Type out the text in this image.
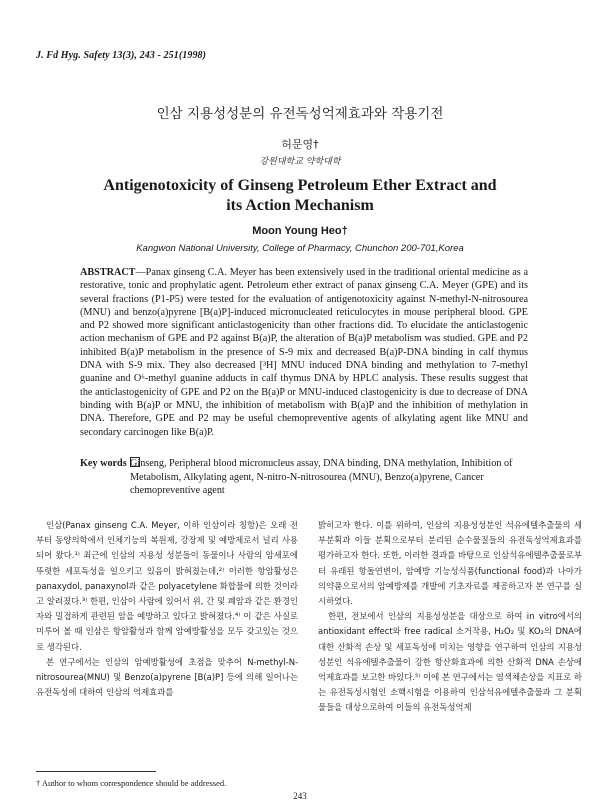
J. Fd Hyg. Safety 13(3), 243 - 251(1998)
인삼 지용성성분의 유전독성억제효과와 작용기전
허문영†
강원대학교 약학대학
Antigenotoxicity of Ginseng Petroleum Ether Extract and
its Action Mechanism
Moon Young Heo†
Kangwon National University, College of Pharmacy, Chunchon 200-701,Korea
ABSTRACT—Panax ginseng C.A. Meyer has been extensively used in the traditional oriental medicine as a restorative, tonic and prophylatic agent. Petroleum ether extract of panax ginseng C.A. Meyer (GPE) and its several fractions (P1-P5) were tested for the evaluation of antigenotoxicity against N-methyl-N-nitrosourea (MNU) and benzo(a)pyrene [B(a)P]-induced micronucleated reticulocytes in mouse peripheral blood. GPE and P2 showed more significant anticlastogenicity than other fractions did. To elucidate the anticlastogenic action mechanism of GPE and P2 against B(a)P, the alteration of B(a)P metabolism was studied. GPE and P2 inhibited B(a)P metabolism in the presence of S-9 mix and decreased B(a)P-DNA binding in calf thymus DNA with S-9 mix. They also decreased [³H] MNU induced DNA binding and methylation to 7-methyl guanine and O⁶-methyl guanine adducts in calf thymus DNA by HPLC analysis. These results suggest that the anticlastogenicity of GPE and P2 on the B(a)P or MNU-induced clastogenicity is due to decrease of DNA binding with B(a)P or MNU, the inhibition of metabolism with B(a)P and the inhibition of methylation in DNA. Therefore, GPE and P2 may be useful chemopreventive agents of alkylating agent like MNU and secondary carcinogen like B(a)P.
Key words Ginseng, Peripheral blood micronucleus assay, DNA binding, DNA methylation, Inhibition of Metabolism, Alkylating agent, N-nitro-N-nitrosourea (MNU), Benzo(a)pyrene, Cancer chemopreventive agent

인삼(Panax ginseng C.A. Meyer, 이하 인삼이라 칭함)은 오래 전부터 동양의학에서 인체기능의 복원제, 강장제 및 예방제로서 널리 사용되어 왔다.¹⁾ 최근에 인삼의 지용성 성분들이 동물이나 사람의 암세포에 뚜렷한 세포독성을 일으키고 있음이 밝혀졌는데,²⁾ 이러한 항암활성은 panaxydol, panaxynol과 같은 polyacetylene 화합물에 의한 것이라고 알려졌다.³⁾ 한편, 인삼이 사람에 있어서 위, 간 및 폐암과 같은 환경인자와 밀접하게 관련된 암을 예방하고 있다고 밝혀졌다.⁴⁾ 이 같은 사실로 미루어 볼 때 인삼은 항암활성과 함께 암예방활성을 모두 갖고있는 것으로 생각된다.

본 연구에서는 인삼의 암예방활성에 초점을 맞추어 N-methyl-N-nitrosourea(MNU) 및 Benzo(a)pyrene [B(a)P] 등에 의해 일어나는 유전독성에 대하여 인삼의 억제효과를

밝히고자 한다. 이를 위하여, 인삼의 지용성성분인 석유에텔추출물의 세부분획과 이들 분획으로부터 분리된 순수물질들의 유전독성억제효과를 평가하고자 한다. 또한, 이러한 결과를 바탕으로 인삼석유에텔추출물로부터 유래된 항돌연변이, 암예방 기능성식품(functional food)과 나아가 의약품으로서의 암예방제를 개발에 기초자료를 제공하고자 본 연구를 실시하였다.

한편, 전보에서 인삼의 지용성성분을 대상으로 하여 in vitro에서의 antioxidant effect와 free radical 소거작용, H₂O₂ 및 KO₂의 DNA에 대한 산화적 손상 및 세포독성에 미치는 영향을 연구하여 인삼의 지용성성분인 석유에텔추출물이 강한 항산화효과에 의한 산화적 DNA 손상에 억제효과를 보고한 바있다.⁵⁾ 이에 본 연구에서는 염색체손상을 지표로 하는 유전독성시험인 소핵시험을 이용하여 인삼석유에텔추출물과 그 분획물들을 대상으로하여 이들의 유전독성억제

† Author to whom correspondence should be addressed.
243
